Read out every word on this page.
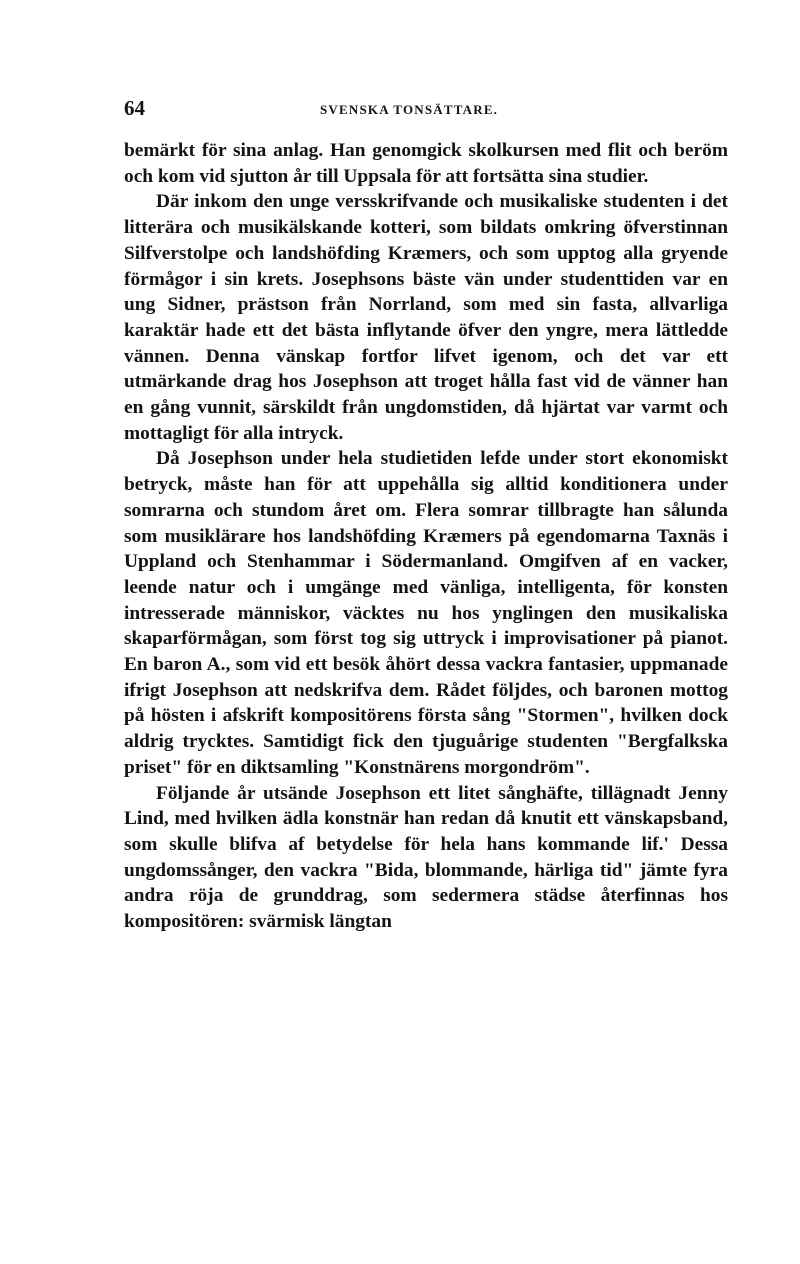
64	SVENSKA TONSÄTTARE.

bemärkt för sina anlag. Han genomgick skolkursen med flit och beröm och kom vid sjutton år till Uppsala för att fortsätta sina studier.

Där inkom den unge versskrifvande och musikaliske studenten i det litterära och musikälskande kotteri, som bildats omkring öfverstinnan Silfverstolpe och landshöfding Kræmers, och som upptog alla gryende förmågor i sin krets. Josephsons bäste vän under studenttiden var en ung Sidner, prästson från Norrland, som med sin fasta, allvarliga karaktär hade ett det bästa inflytande öfver den yngre, mera lättledde vännen. Denna vänskap fortfor lifvet igenom, och det var ett utmärkande drag hos Josephson att troget hålla fast vid de vänner han en gång vunnit, särskildt från ungdomstiden, då hjärtat var varmt och mottagligt för alla intryck.

Då Josephson under hela studietiden lefde under stort ekonomiskt betryck, måste han för att uppehålla sig alltid konditionera under somrarna och stundom året om. Flera somrar tillbragte han sålunda som musiklärare hos landshöfding Kræmers på egendomarna Taxnäs i Uppland och Stenhammar i Södermanland. Omgifven af en vacker, leende natur och i umgänge med vänliga, intelligenta, för konsten intresserade människor, väcktes nu hos ynglingen den musikaliska skaparförmågan, som först tog sig uttryck i improvisationer på pianot. En baron A., som vid ett besök åhört dessa vackra fantasier, uppmanade ifrigt Josephson att nedskrifva dem. Rådet följdes, och baronen mottog på hösten i afskrift kompositörens första sång "Stormen", hvilken dock aldrig trycktes. Samtidigt fick den tjuguårige studenten "Bergfalkska priset" för en diktsamling "Konstnärens morgondröm".

Följande år utsände Josephson ett litet sånghäfte, tillägnadt Jenny Lind, med hvilken ädla konstnär han redan då knutit ett vänskapsband, som skulle blifva af betydelse för hela hans kommande lif.' Dessa ungdomssånger, den vackra "Bida, blommande, härliga tid" jämte fyra andra röja de grunddrag, som sedermera städse återfinnas hos kompositören: svärmisk längtan
